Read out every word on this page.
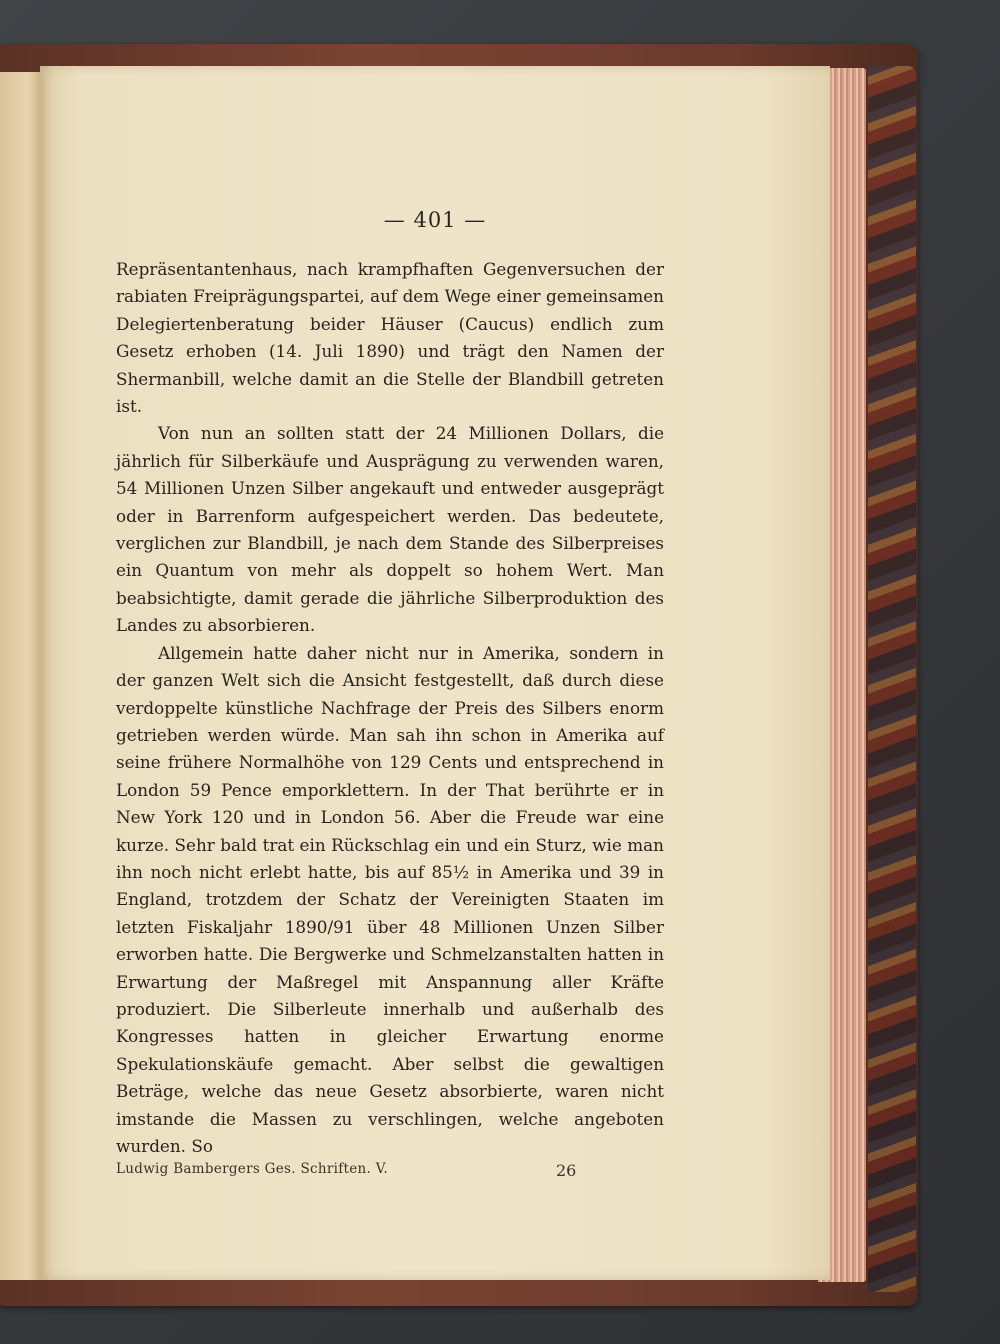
— 401 —

Repräsentantenhaus, nach krampfhaften Gegenversuchen der rabiaten Freiprägungspartei, auf dem Wege einer gemeinsamen Delegiertenberatung beider Häuser (Caucus) endlich zum Gesetz erhoben (14. Juli 1890) und trägt den Namen der Shermanbill, welche damit an die Stelle der Blandbill getreten ist.

Von nun an sollten statt der 24 Millionen Dollars, die jährlich für Silberkäufe und Ausprägung zu verwenden waren, 54 Millionen Unzen Silber angekauft und entweder ausgeprägt oder in Barrenform aufgespeichert werden. Das bedeutete, verglichen zur Blandbill, je nach dem Stande des Silberpreises ein Quantum von mehr als doppelt so hohem Wert. Man beabsichtigte, damit gerade die jährliche Silberproduktion des Landes zu absorbieren.

Allgemein hatte daher nicht nur in Amerika, sondern in der ganzen Welt sich die Ansicht festgestellt, daß durch diese verdoppelte künstliche Nachfrage der Preis des Silbers enorm getrieben werden würde. Man sah ihn schon in Amerika auf seine frühere Normalhöhe von 129 Cents und entsprechend in London 59 Pence emporklettern. In der That berührte er in New York 120 und in London 56. Aber die Freude war eine kurze. Sehr bald trat ein Rückschlag ein und ein Sturz, wie man ihn noch nicht erlebt hatte, bis auf 85½ in Amerika und 39 in England, trotzdem der Schatz der Vereinigten Staaten im letzten Fiskaljahr 1890/91 über 48 Millionen Unzen Silber erworben hatte. Die Bergwerke und Schmelzanstalten hatten in Erwartung der Maßregel mit Anspannung aller Kräfte produziert. Die Silberleute innerhalb und außerhalb des Kongresses hatten in gleicher Erwartung enorme Spekulationskäufe gemacht. Aber selbst die gewaltigen Beträge, welche das neue Gesetz absorbierte, waren nicht imstande die Massen zu verschlingen, welche angeboten wurden. So

Ludwig Bambergers Ges. Schriften. V.	26
